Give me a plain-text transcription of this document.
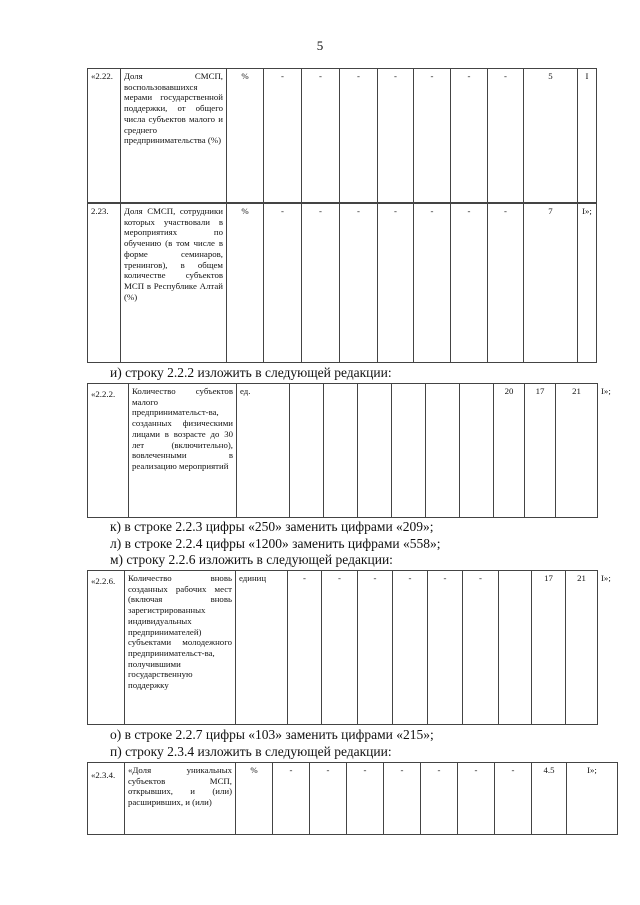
5
«2.22.	Доля СМСП, воспользовавшихся мерами государственной поддержки, от общего числа субъектов малого и среднего предпринимательства (%)	%	-	-	-	-	-	-	-	5	I
2.23.	Доля СМСП, сотрудники которых участвовали в мероприятиях по обучению (в том числе в форме семинаров, тренингов), в общем количестве субъектов МСП в Республике Алтай (%)	%	-	-	-	-	-	-	-	7	I»;
и) строку 2.2.2 изложить в следующей редакции:
«2.2.2.	Количество субъектов малого предпринимательст-ва, созданных физическими лицами в возрасте до 30 лет (включительно), вовлеченными в реализацию мероприятий	ед.							20	17	21	I»;
к) в строке 2.2.3 цифры «250» заменить цифрами «209»;
л) в строке 2.2.4 цифры «1200» заменить цифрами «558»;
м) строку 2.2.6 изложить в следующей редакции:
«2.2.6.	Количество вновь созданных рабочих мест (включая вновь зарегистрированных индивидуальных предпринимателей) субъектами молодежного предпринимательст-ва, получившими государственную поддержку	единиц	-	-	-	-	-	-		17	21	I»;
о) в строке 2.2.7 цифры «103» заменить цифрами «215»;
п) строку 2.3.4 изложить в следующей редакции:
«2.3.4.	«Доля уникальных субъектов МСП, открывших, и (или) расширивших, и (или)	%	-	-	-	-	-	-	-	4.5	I»;
